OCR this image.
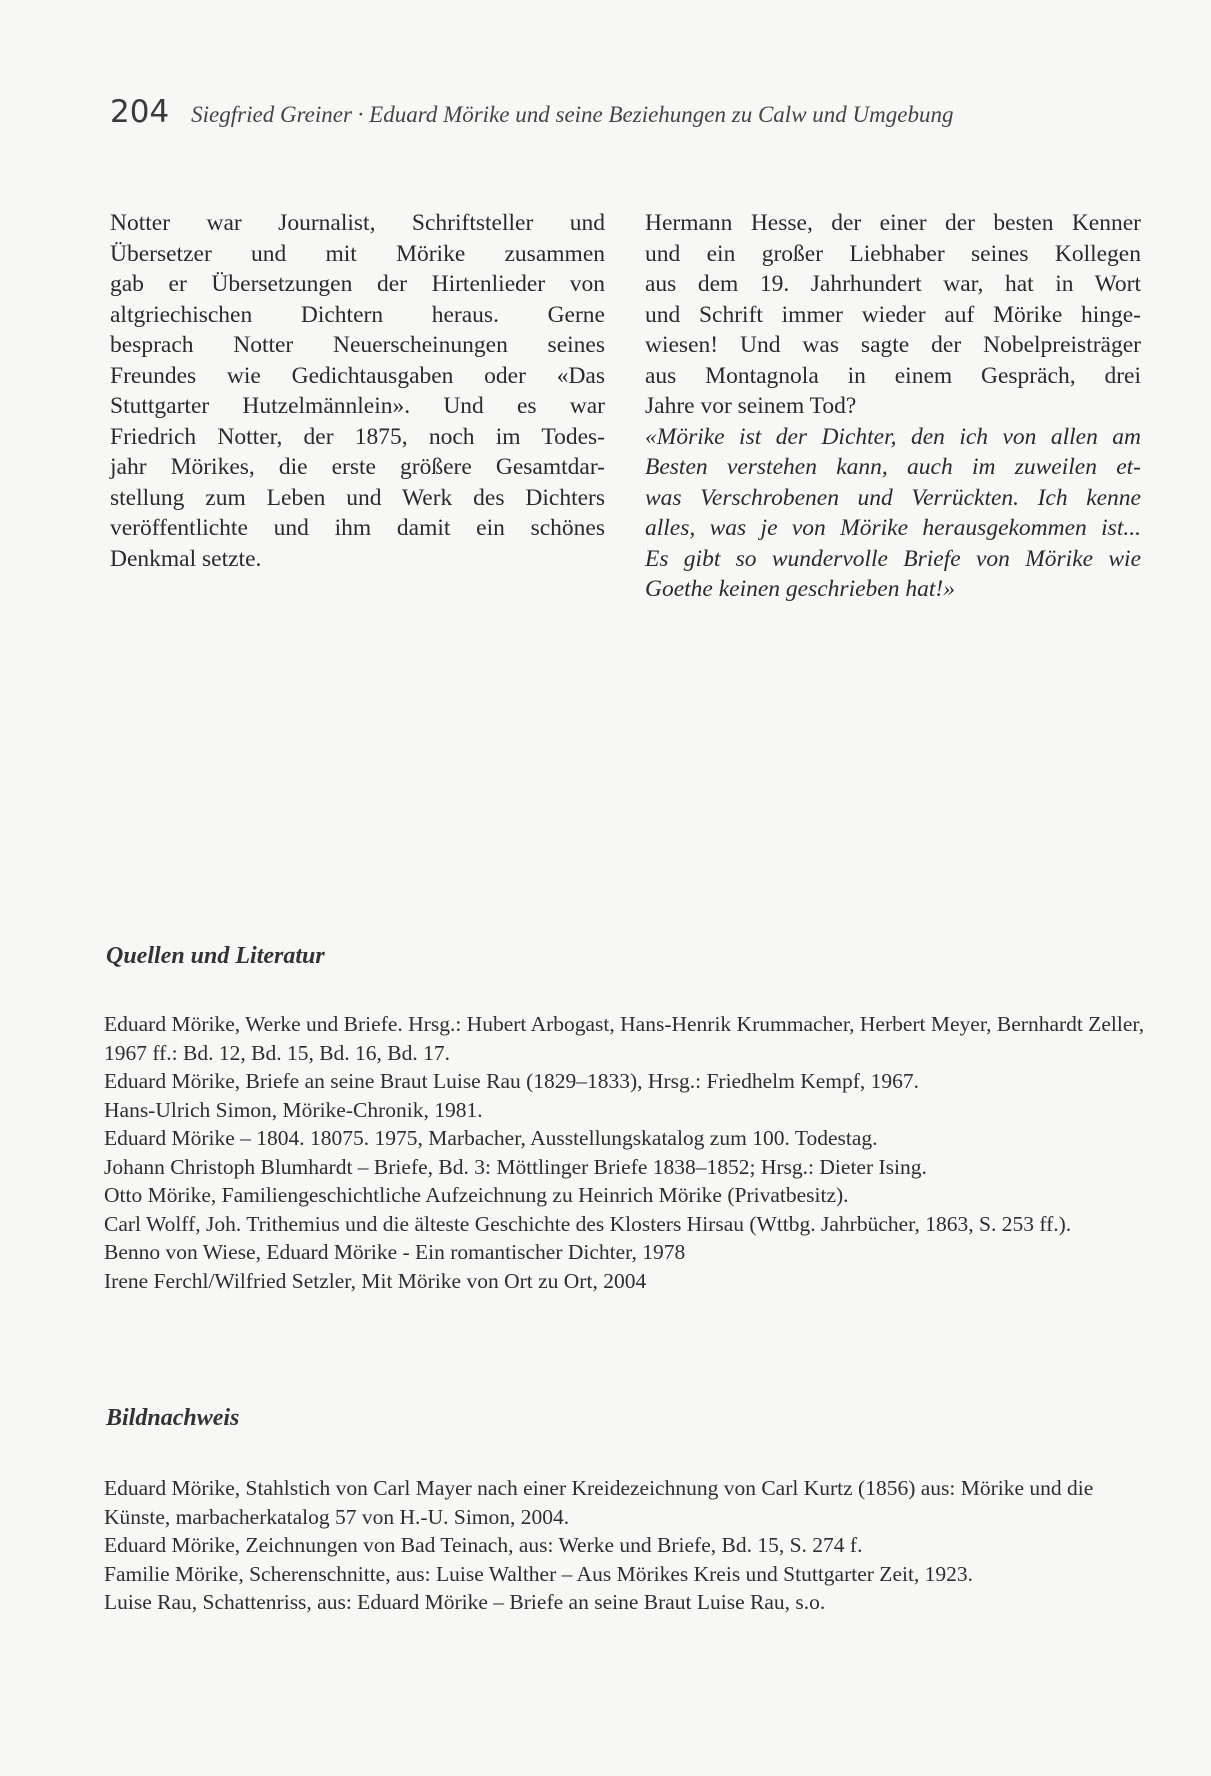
204 Siegfried Greiner · Eduard Mörike und seine Beziehungen zu Calw und Umgebung
Notter war Journalist, Schriftsteller und
Übersetzer und mit Mörike zusammen
gab er Übersetzungen der Hirtenlieder von
altgriechischen Dichtern heraus. Gerne
besprach Notter Neuerscheinungen seines
Freundes wie Gedichtausgaben oder «Das
Stuttgarter Hutzelmännlein». Und es war
Friedrich Notter, der 1875, noch im Todes-
jahr Mörikes, die erste größere Gesamtdar-
stellung zum Leben und Werk des Dichters
veröffentlichte und ihm damit ein schönes
Denkmal setzte.
Hermann Hesse, der einer der besten Kenner
und ein großer Liebhaber seines Kollegen
aus dem 19. Jahrhundert war, hat in Wort
und Schrift immer wieder auf Mörike hinge-
wiesen! Und was sagte der Nobelpreisträger
aus Montagnola in einem Gespräch, drei
Jahre vor seinem Tod?
«Mörike ist der Dichter, den ich von allen am
Besten verstehen kann, auch im zuweilen et-
was Verschrobenen und Verrückten. Ich kenne
alles, was je von Mörike herausgekommen ist...
Es gibt so wundervolle Briefe von Mörike wie
Goethe keinen geschrieben hat!»
Quellen und Literatur
Eduard Mörike, Werke und Briefe. Hrsg.: Hubert Arbogast, Hans-Henrik Krummacher, Herbert Meyer, Bernhardt Zeller, 1967 ff.: Bd. 12, Bd. 15, Bd. 16, Bd. 17.
Eduard Mörike, Briefe an seine Braut Luise Rau (1829–1833), Hrsg.: Friedhelm Kempf, 1967.
Hans-Ulrich Simon, Mörike-Chronik, 1981.
Eduard Mörike – 1804. 18075. 1975, Marbacher, Ausstellungskatalog zum 100. Todestag.
Johann Christoph Blumhardt – Briefe, Bd. 3: Möttlinger Briefe 1838–1852; Hrsg.: Dieter Ising.
Otto Mörike, Familiengeschichtliche Aufzeichnung zu Heinrich Mörike (Privatbesitz).
Carl Wolff, Joh. Trithemius und die älteste Geschichte des Klosters Hirsau (Wttbg. Jahrbücher, 1863, S. 253 ff.).
Benno von Wiese, Eduard Mörike - Ein romantischer Dichter, 1978
Irene Ferchl/Wilfried Setzler, Mit Mörike von Ort zu Ort, 2004
Bildnachweis
Eduard Mörike, Stahlstich von Carl Mayer nach einer Kreidezeichnung von Carl Kurtz (1856) aus: Mörike und die Künste, marbacherkatalog 57 von H.-U. Simon, 2004.
Eduard Mörike, Zeichnungen von Bad Teinach, aus: Werke und Briefe, Bd. 15, S. 274 f.
Familie Mörike, Scherenschnitte, aus: Luise Walther – Aus Mörikes Kreis und Stuttgarter Zeit, 1923.
Luise Rau, Schattenriss, aus: Eduard Mörike – Briefe an seine Braut Luise Rau, s.o.
